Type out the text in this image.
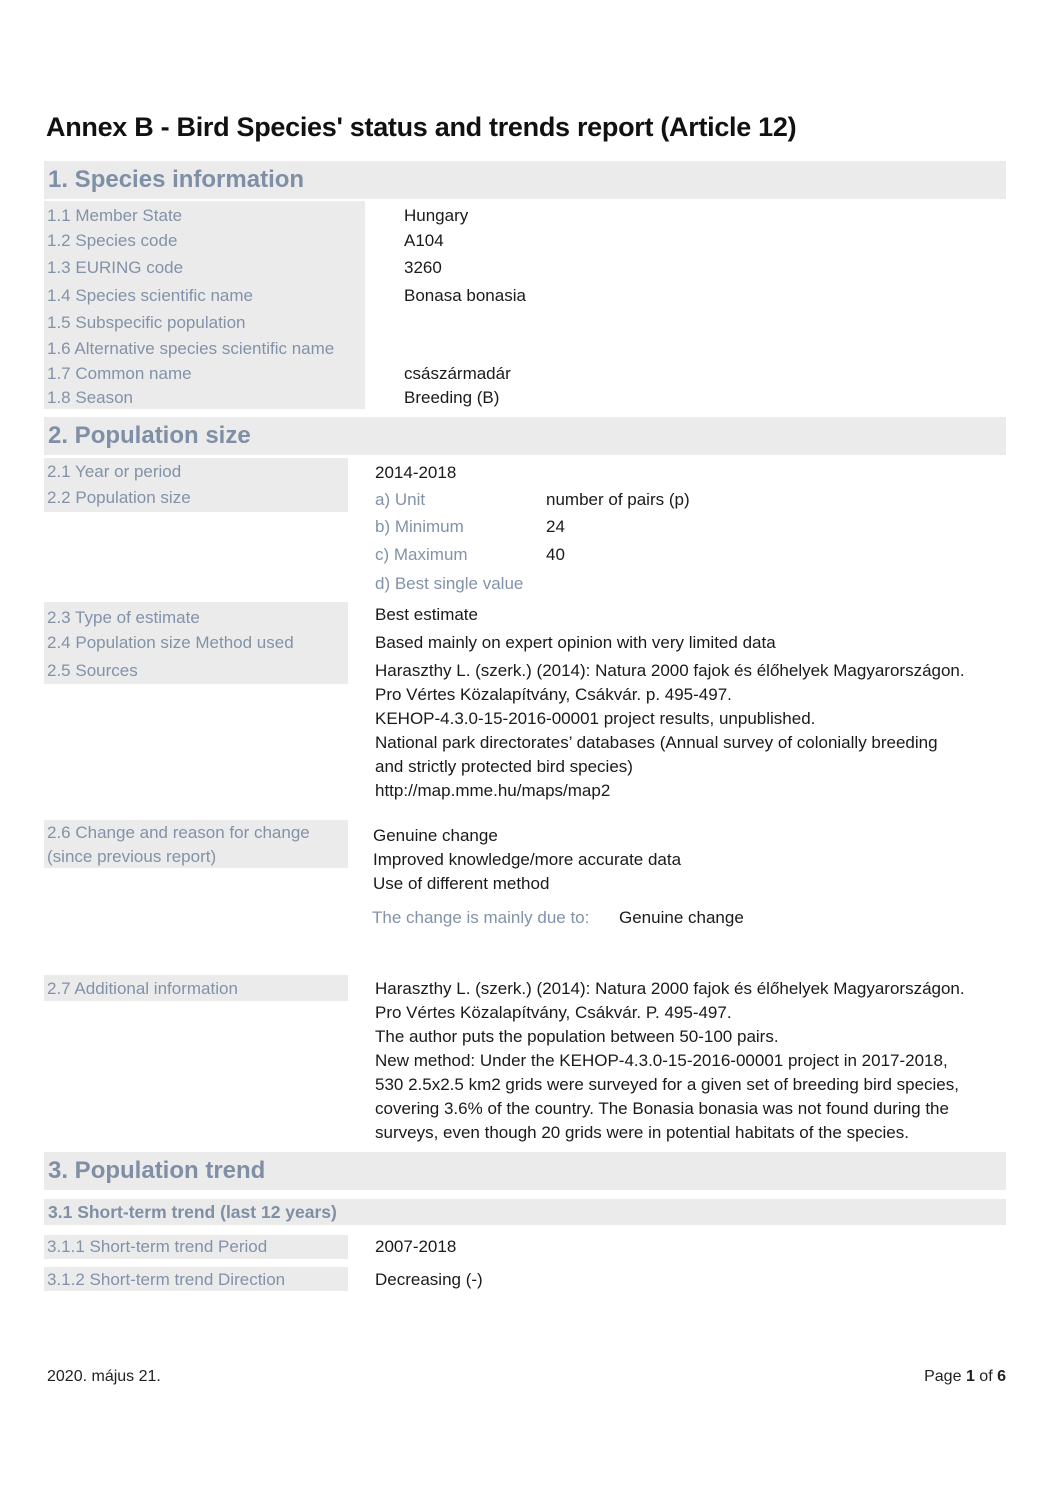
Annex B - Bird Species' status and trends report (Article 12)
1. Species information
1.1 Member State	Hungary
1.2 Species code	A104
1.3 EURING code	3260
1.4 Species scientific name	Bonasa bonasia
1.5 Subspecific population
1.6 Alternative species scientific name
1.7 Common name	császármadár
1.8 Season	Breeding (B)
2. Population size
2.1 Year or period	2014-2018
2.2 Population size	a) Unit	number of pairs (p)
b) Minimum	24
c) Maximum	40
d) Best single value
2.3 Type of estimate	Best estimate
2.4 Population size Method used	Based mainly on expert opinion with very limited data
2.5 Sources	Haraszthy L. (szerk.) (2014): Natura 2000 fajok és élőhelyek Magyarországon.
Pro Vértes Közalapítvány, Csákvár. p. 495-497.
KEHOP-4.3.0-15-2016-00001 project results, unpublished.
National park directorates’ databases (Annual survey of colonially breeding
and strictly protected bird species)
http://map.mme.hu/maps/map2
2.6 Change and reason for change
(since previous report)
Genuine change
Improved knowledge/more accurate data
Use of different method
The change is mainly due to: Genuine change
2.7 Additional information	Haraszthy L. (szerk.) (2014): Natura 2000 fajok és élőhelyek Magyarországon.
Pro Vértes Közalapítvány, Csákvár. P. 495-497.
The author puts the population between 50-100 pairs.
New method: Under the KEHOP-4.3.0-15-2016-00001 project in 2017-2018,
530 2.5x2.5 km2 grids were surveyed for a given set of breeding bird species,
covering 3.6% of the country. The Bonasia bonasia was not found during the
surveys, even though 20 grids were in potential habitats of the species.
3. Population trend
3.1 Short-term trend (last 12 years)
3.1.1 Short-term trend Period	2007-2018
3.1.2 Short-term trend Direction	Decreasing (-)
2020. május 21.	Page 1 of 6
